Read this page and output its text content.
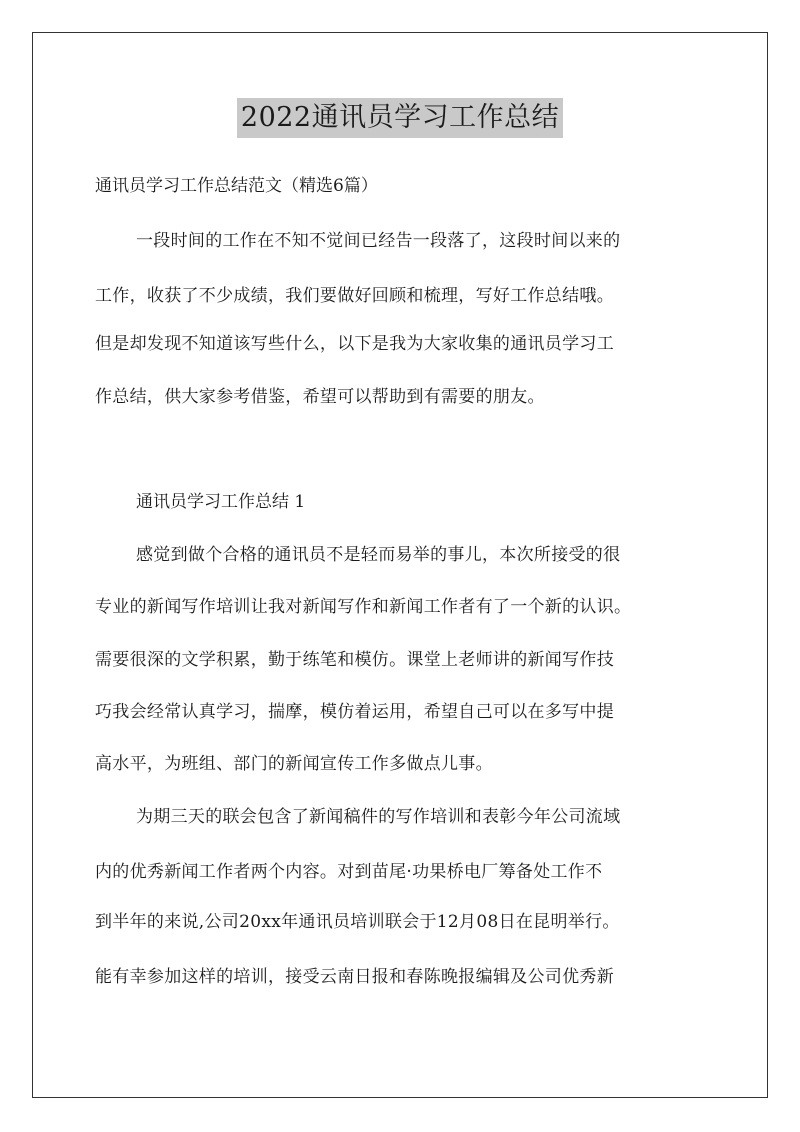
2022通讯员学习工作总结
通讯员学习工作总结范文（精选6篇）
一段时间的工作在不知不觉间已经告一段落了，这段时间以来的
工作，收获了不少成绩，我们要做好回顾和梳理，写好工作总结哦。
但是却发现不知道该写些什么，以下是我为大家收集的通讯员学习工
作总结，供大家参考借鉴，希望可以帮助到有需要的朋友。
通讯员学习工作总结 1
感觉到做个合格的通讯员不是轻而易举的事儿，本次所接受的很
专业的新闻写作培训让我对新闻写作和新闻工作者有了一个新的认识。
需要很深的文学积累，勤于练笔和模仿。课堂上老师讲的新闻写作技
巧我会经常认真学习，揣摩，模仿着运用，希望自己可以在多写中提
高水平，为班组、部门的新闻宣传工作多做点儿事。
为期三天的联会包含了新闻稿件的写作培训和表彰今年公司流域
内的优秀新闻工作者两个内容。对到苗尾·功果桥电厂筹备处工作不
到半年的来说,公司20xx年通讯员培训联会于12月08日在昆明举行。
能有幸参加这样的培训，接受云南日报和春陈晚报编辑及公司优秀新
